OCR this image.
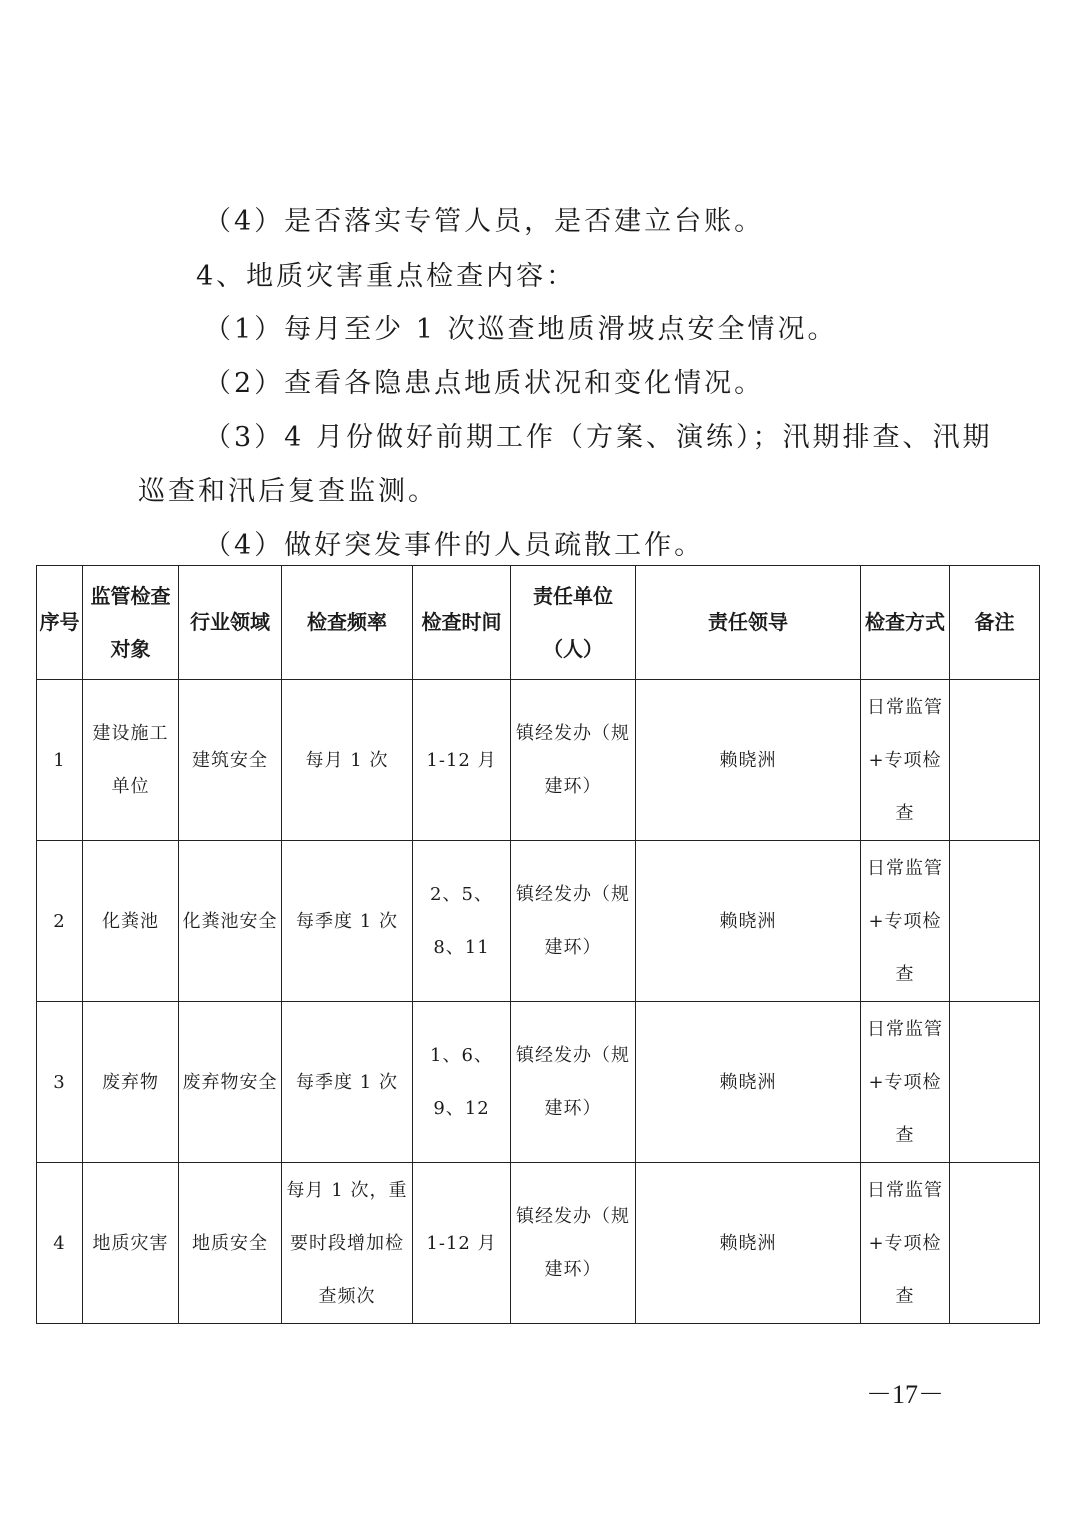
（4）是否落实专管人员，是否建立台账。
4、地质灾害重点检查内容：
（1）每月至少 1 次巡查地质滑坡点安全情况。
（2）查看各隐患点地质状况和变化情况。
（3）4 月份做好前期工作（方案、演练）；汛期排查、汛期
巡查和汛后复查监测。
（4）做好突发事件的人员疏散工作。
序号	监管检查对象	行业领域	检查频率	检查时间	责任单位（人）	责任领导	检查方式	备注
1	建设施工单位	建筑安全	每月 1 次	1-12 月	镇经发办（规建环）	赖晓洲	日常监管+专项检查	
2	化粪池	化粪池安全	每季度 1 次	2、5、8、11	镇经发办（规建环）	赖晓洲	日常监管+专项检查	
3	废弃物	废弃物安全	每季度 1 次	1、6、9、12	镇经发办（规建环）	赖晓洲	日常监管+专项检查	
4	地质灾害	地质安全	每月 1 次，重要时段增加检查频次	1-12 月	镇经发办（规建环）	赖晓洲	日常监管+专项检查	
－17－
